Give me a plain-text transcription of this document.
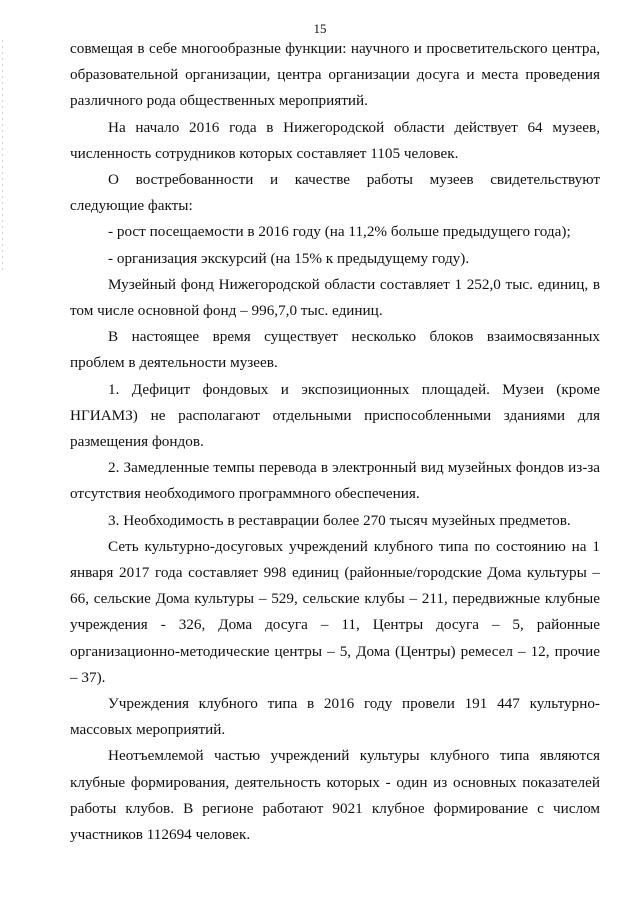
15

совмещая в себе многообразные функции: научного и просветительского центра, образовательной организации, центра организации досуга и места проведения различного рода общественных мероприятий.

На начало 2016 года в Нижегородской области действует 64 музеев, численность сотрудников которых составляет 1105 человек.

О востребованности и качестве работы музеев свидетельствуют следующие факты:

- рост посещаемости в 2016 году (на 11,2% больше предыдущего года);

- организация экскурсий (на 15% к предыдущему году).

Музейный фонд Нижегородской области составляет 1 252,0 тыс. единиц, в том числе основной фонд – 996,7,0 тыс. единиц.

В настоящее время существует несколько блоков взаимосвязанных проблем в деятельности музеев.

1. Дефицит фондовых и экспозиционных площадей. Музеи (кроме НГИАМЗ) не располагают отдельными приспособленными зданиями для размещения фондов.

2. Замедленные темпы перевода в электронный вид музейных фондов из-за отсутствия необходимого программного обеспечения.

3. Необходимость в реставрации более 270 тысяч музейных предметов.

Сеть культурно-досуговых учреждений клубного типа по состоянию на 1 января 2017 года составляет 998 единиц (районные/городские Дома культуры – 66, сельские Дома культуры – 529, сельские клубы – 211, передвижные клубные учреждения - 326, Дома досуга – 11, Центры досуга – 5, районные организационно-методические центры – 5, Дома (Центры) ремесел – 12, прочие – 37).

Учреждения клубного типа в 2016 году провели 191 447 культурно-массовых мероприятий.

Неотъемлемой частью учреждений культуры клубного типа являются клубные формирования, деятельность которых - один из основных показателей работы клубов. В регионе работают 9021 клубное формирование с числом участников 112694 человек.
